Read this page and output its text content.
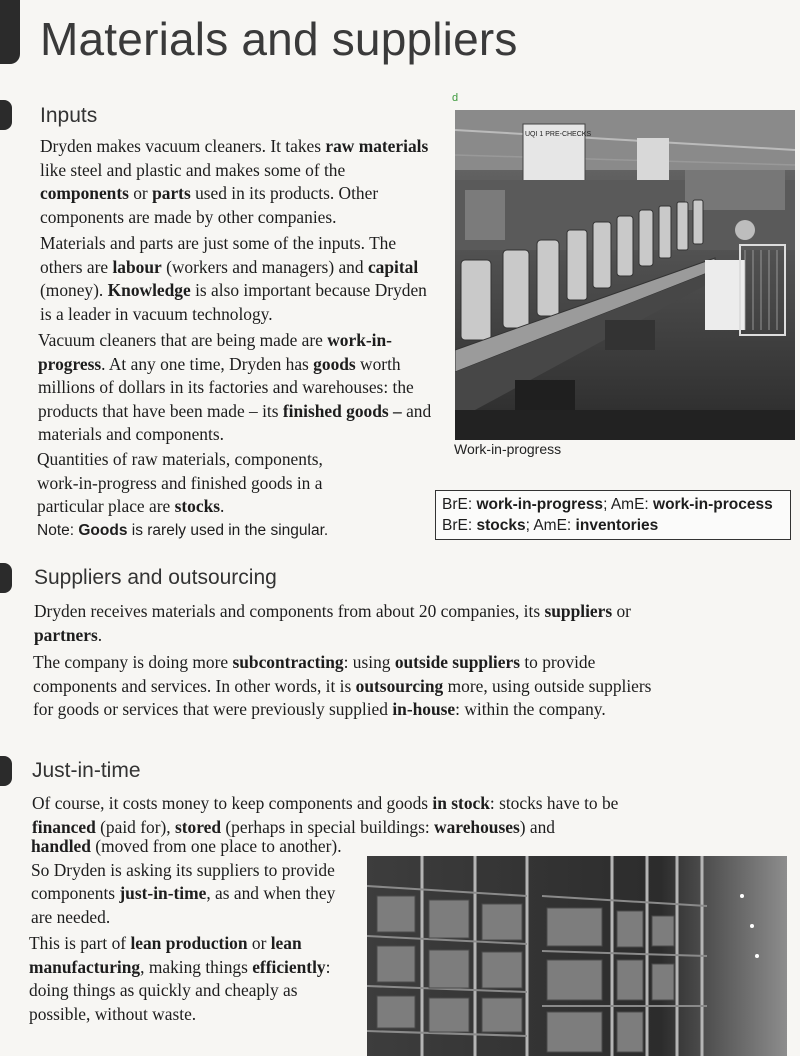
Materials and suppliers
Inputs
Dryden makes vacuum cleaners. It takes raw materials like steel and plastic and makes some of the components or parts used in its products. Other components are made by other companies.
Materials and parts are just some of the inputs. The others are labour (workers and managers) and capital (money). Knowledge is also important because Dryden is a leader in vacuum technology.
Vacuum cleaners that are being made are work-in-progress. At any one time, Dryden has goods worth millions of dollars in its factories and warehouses: the products that have been made – its finished goods – and materials and components.
Quantities of raw materials, components, work-in-progress and finished goods in a particular place are stocks.
Note: Goods is rarely used in the singular.
d
UQI 1 PRE-CHECKS
Work-in-progress
BrE: work-in-progress; AmE: work-in-process
BrE: stocks; AmE: inventories
Suppliers and outsourcing
Dryden receives materials and components from about 20 companies, its suppliers or partners.
The company is doing more subcontracting: using outside suppliers to provide components and services. In other words, it is outsourcing more, using outside suppliers for goods or services that were previously supplied in-house: within the company.
Just-in-time
Of course, it costs money to keep components and goods in stock: stocks have to be financed (paid for), stored (perhaps in special buildings: warehouses) and
handled (moved from one place to another). So Dryden is asking its suppliers to provide components just-in-time, as and when they are needed.
This is part of lean production or lean manufacturing, making things efficiently: doing things as quickly and cheaply as possible, without waste.
